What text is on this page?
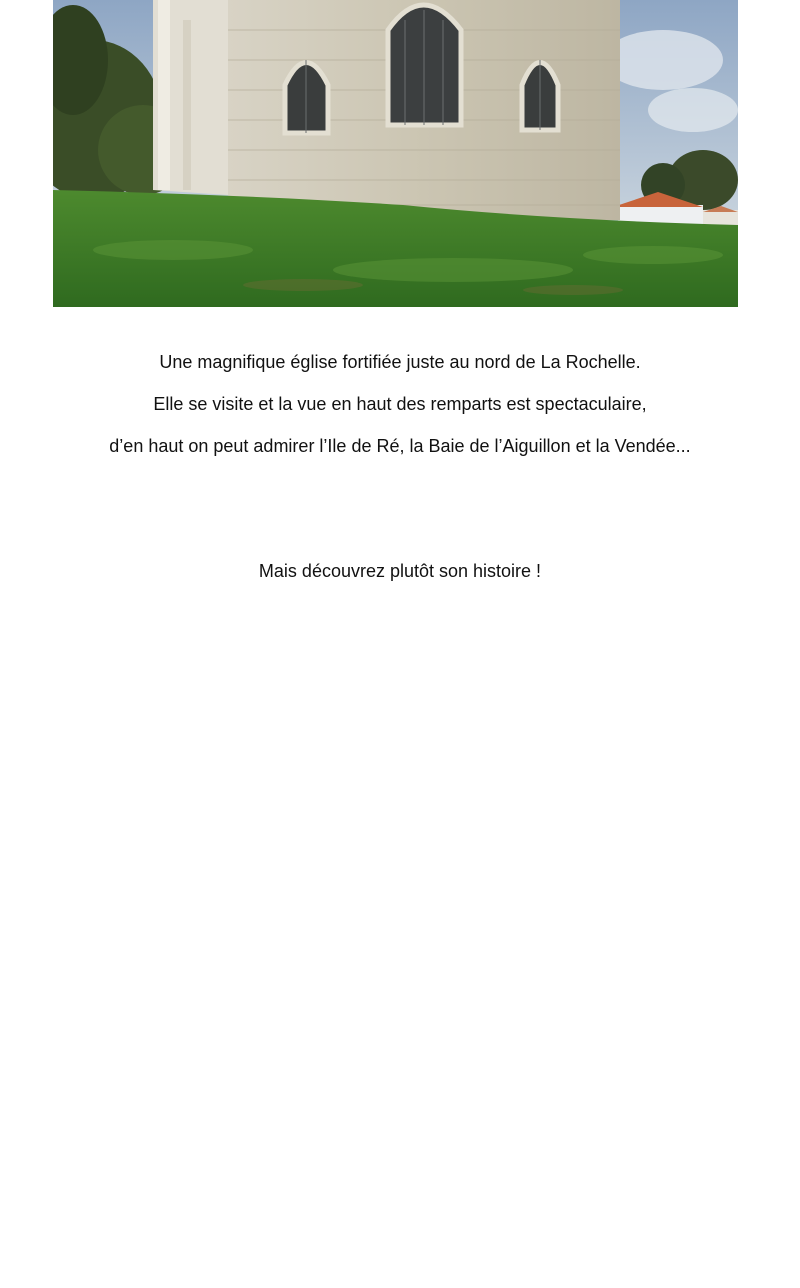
Une magnifique église fortifiée juste au nord de La Rochelle.
Elle se visite et la vue en haut des remparts est spectaculaire,
d’en haut on peut admirer l’Ile de Ré, la Baie de l’Aiguillon et la Vendée...
Mais découvrez plutôt son histoire !
